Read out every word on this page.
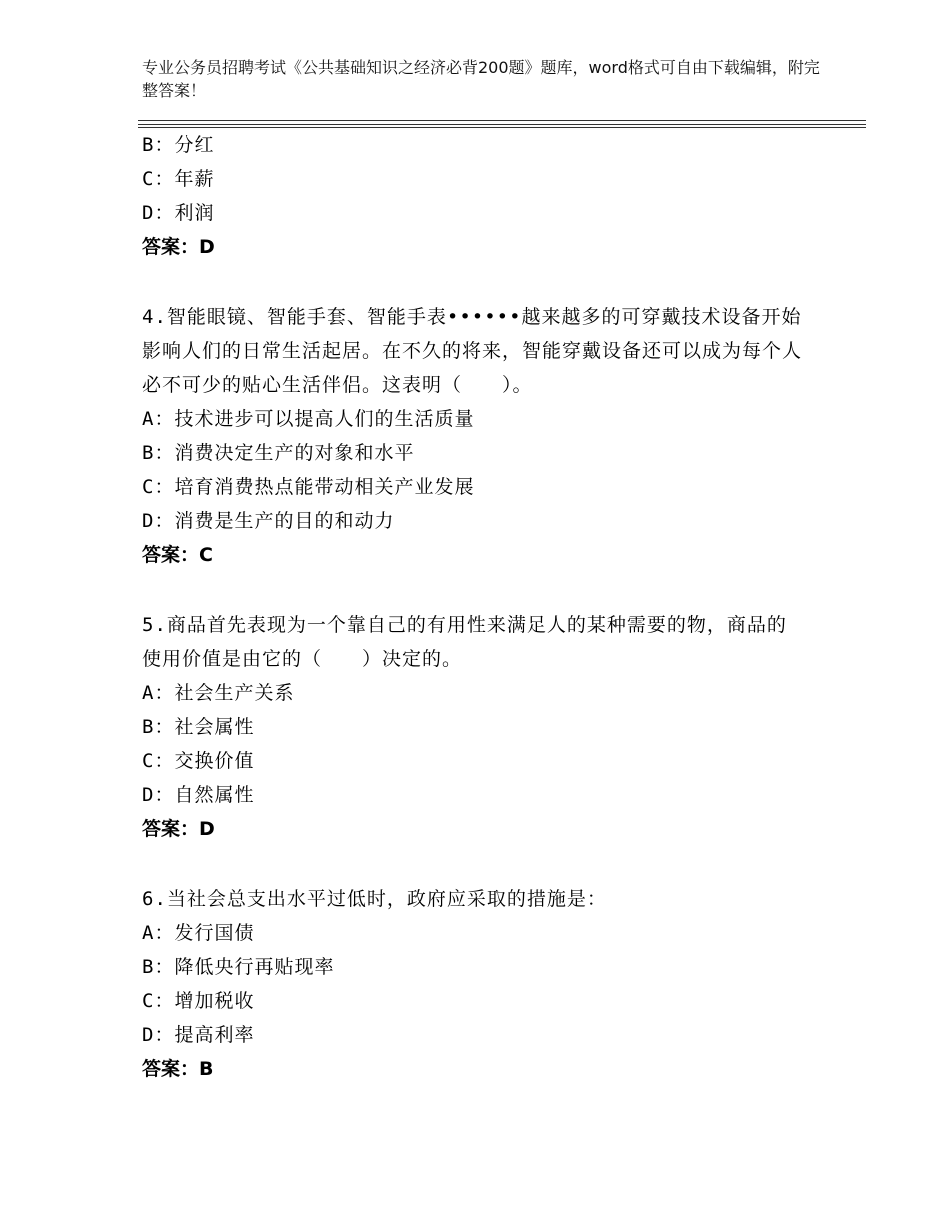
专业公务员招聘考试《公共基础知识之经济必背200题》题库，word格式可自由下载编辑，附完整答案！
B：分红
C：年薪
D：利润
答案：D
4.智能眼镜、智能手套、智能手表••••••越来越多的可穿戴技术设备开始影响人们的日常生活起居。在不久的将来，智能穿戴设备还可以成为每个人必不可少的贴心生活伴侣。这表明（　　）。
A：技术进步可以提高人们的生活质量
B：消费决定生产的对象和水平
C：培育消费热点能带动相关产业发展
D：消费是生产的目的和动力
答案：C
5.商品首先表现为一个靠自己的有用性来满足人的某种需要的物，商品的使用价值是由它的（　　）决定的。
A：社会生产关系
B：社会属性
C：交换价值
D：自然属性
答案：D
6.当社会总支出水平过低时，政府应采取的措施是：
A：发行国债
B：降低央行再贴现率
C：增加税收
D：提高利率
答案：B
